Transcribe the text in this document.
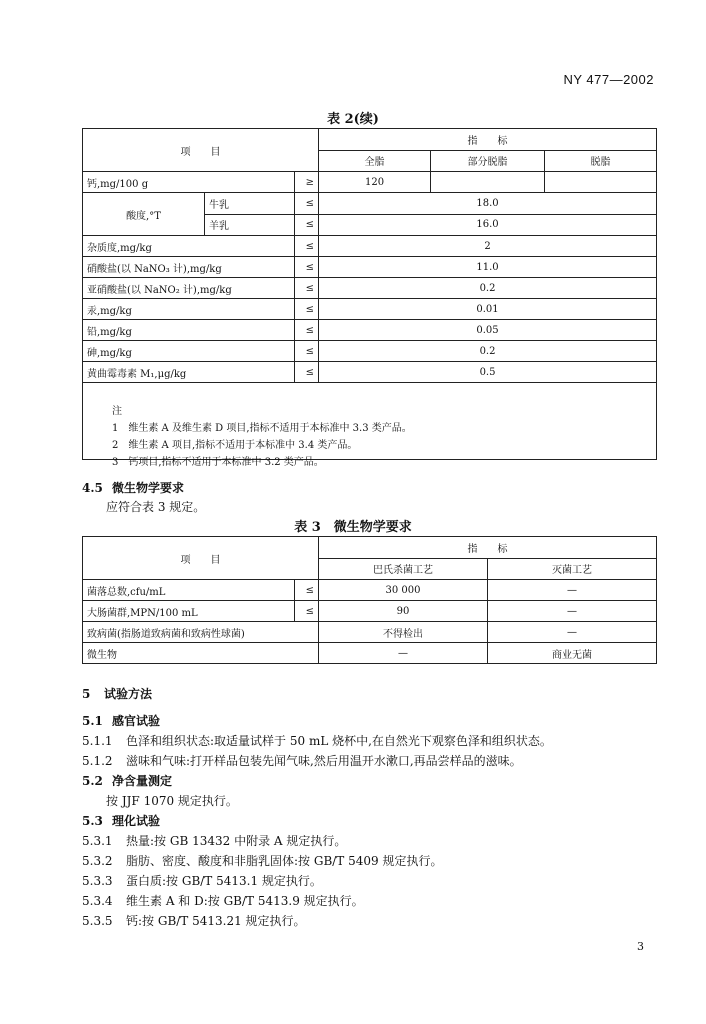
NY 477—2002
表 2(续)
项　　目			指　　标		
			全脂	部分脱脂	脱脂
钙,mg/100 g		≥	120		
酸度,°T	牛乳	≤	18.0		
	羊乳	≤	16.0		
杂质度,mg/kg		≤	2		
硝酸盐(以 NaNO₃ 计),mg/kg		≤	11.0		
亚硝酸盐(以 NaNO₂ 计),mg/kg		≤	0.2		
汞,mg/kg		≤	0.01		
铅,mg/kg		≤	0.05		
砷,mg/kg		≤	0.2		
黄曲霉毒素 M₁,μg/kg		≤	0.5		

注
1　维生素 A 及维生素 D 项目,指标不适用于本标准中 3.3 类产品。
2　维生素 A 项目,指标不适用于本标准中 3.4 类产品。
3　钙项目,指标不适用于本标准中 3.2 类产品。
4.5 微生物学要求
应符合表 3 规定。
表 3　微生物学要求
项　　目		指　　标	
		巴氏杀菌工艺	灭菌工艺
菌落总数,cfu/mL	≤	30 000	—
大肠菌群,MPN/100 mL	≤	90	—
致病菌(指肠道致病菌和致病性球菌)		不得检出	—
微生物		—	商业无菌
5 试验方法
5.1 感官试验
5.1.1 色泽和组织状态:取适量试样于 50 mL 烧杯中,在自然光下观察色泽和组织状态。
5.1.2 滋味和气味:打开样品包装先闻气味,然后用温开水漱口,再品尝样品的滋味。
5.2 净含量测定
按 JJF 1070 规定执行。
5.3 理化试验
5.3.1 热量:按 GB 13432 中附录 A 规定执行。
5.3.2 脂肪、密度、酸度和非脂乳固体:按 GB/T 5409 规定执行。
5.3.3 蛋白质:按 GB/T 5413.1 规定执行。
5.3.4 维生素 A 和 D:按 GB/T 5413.9 规定执行。
5.3.5 钙:按 GB/T 5413.21 规定执行。
3
